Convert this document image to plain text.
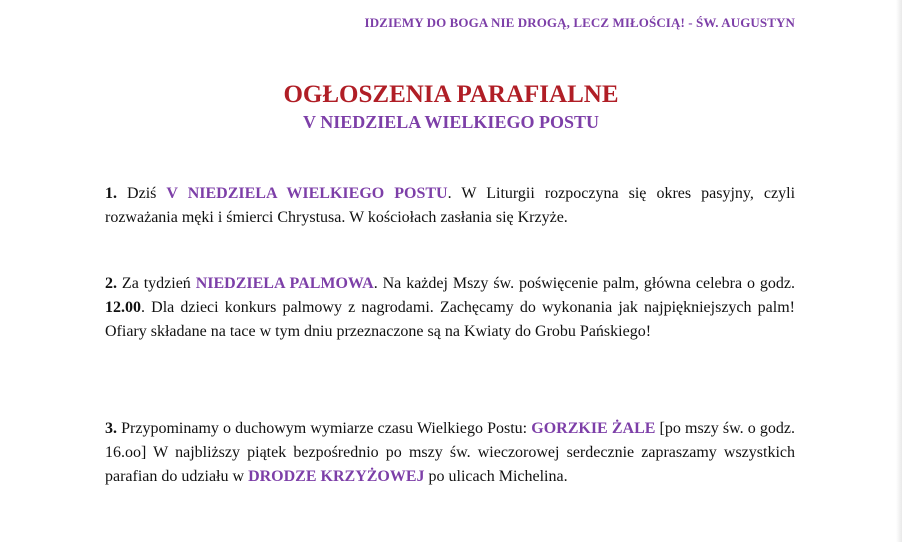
IDZIEMY DO BOGA NIE DROGĄ, LECZ MIŁOŚCIĄ! - ŚW. AUGUSTYN
OGŁOSZENIA PARAFIALNE
V NIEDZIELA WIELKIEGO POSTU

1. Dziś V NIEDZIELA WIELKIEGO POSTU. W Liturgii rozpoczyna się okres pasyjny, czyli rozważania męki i śmierci Chrystusa. W kościołach zasłania się Krzyże.

2. Za tydzień NIEDZIELA PALMOWA. Na każdej Mszy św. poświęcenie palm, główna celebra o godz. 12.00. Dla dzieci konkurs palmowy z nagrodami. Zachęcamy do wykonania jak najpiękniejszych palm! Ofiary składane na tace w tym dniu przeznaczone są na Kwiaty do Grobu Pańskiego!

3. Przypominamy o duchowym wymiarze czasu Wielkiego Postu: GORZKIE ŻALE [po mszy św. o godz. 16.oo] W najbliższy piątek bezpośrednio po mszy św. wieczorowej serdecznie zapraszamy wszystkich parafian do udziału w DRODZE KRZYŻOWEJ po ulicach Michelina.
